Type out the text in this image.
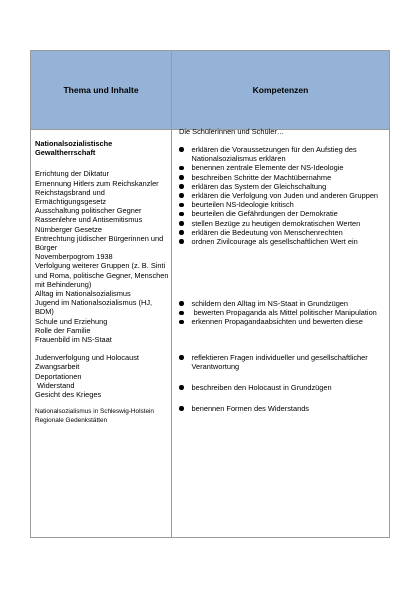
Thema und Inhalte	Kompetenzen
Nationalsozialistische Gewaltherrschaft
Errichtung der Diktatur
Ernennung Hitlers zum Reichskanzler
Reichstagsbrand und Ermächtigungsgesetz
Ausschaltung politischer Gegner
Rassenlehre und Antisemitismus
Nürnberger Gesetze
Entrechtung jüdischer Bürgerinnen und Bürger
Novemberpogrom 1938
Verfolgung weiterer Gruppen (z. B. Sinti und Roma, politische Gegner, Menschen mit Behinderung)
Alltag im Nationalsozialismus
Jugend im Nationalsozialismus (HJ, BDM)
Schule und Erziehung
Rolle der Familie
Frauenbild im NS-Staat
Judenverfolgung und Holocaust
Zwangsarbeit
Deportationen
Widerstand
Gesicht des Krieges
Nationalsozialismus in Schleswig-Holstein
Regionale Gedenkstätten
Die Schülerinnen und Schüler…
erklären die Voraussetzungen für den Aufstieg des Nationalsozialismus erklären
benennen zentrale Elemente der NS-Ideologie
beschreiben Schritte der Machtübernahme
erklären das System der Gleichschaltung
erklären die Verfolgung von Juden und anderen Gruppen
beurteilen NS-Ideologie kritisch
beurteilen die Gefährdungen der Demokratie
stellen Bezüge zu heutigen demokratischen Werten
erklären die Bedeutung von Menschenrechten
ordnen Zivilcourage als gesellschaftlichen Wert ein
schildern den Alltag im NS-Staat in Grundzügen
bewerten Propaganda als Mittel politischer Manipulation
erkennen Propagandaabsichten und bewerten diese
reflektieren Fragen individueller und gesellschaftlicher Verantwortung
beschreiben den Holocaust in Grundzügen
benennen Formen des Widerstands
